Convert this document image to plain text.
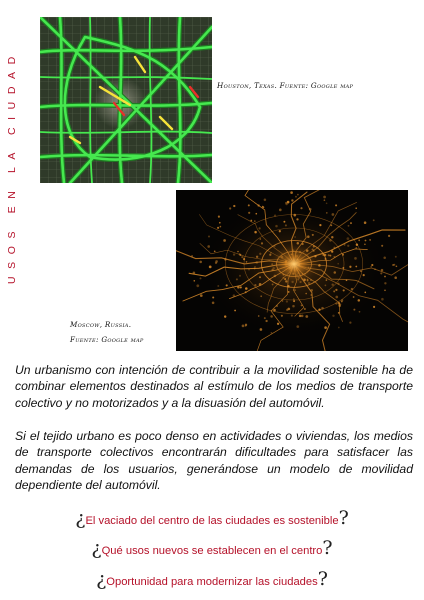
USOS EN LA CIUDAD	Houston, Texas. Fuente: Google map
Moscow, Russia.
Fuente: Google map

Un urbanismo con intención de contribuir a la movilidad sostenible ha de combinar elementos destinados al estímulo de los medios de transporte colectivo y no motorizados y a la disuasión del automóvil.

Si el tejido urbano es poco denso en actividades o viviendas, los medios de transporte colectivos encontrarán dificultades para satisfacer las demandas de los usuarios, generándose un modelo de movilidad dependiente del automóvil.

¿El vaciado del centro de las ciudades es sostenible?
¿Qué usos nuevos se establecen en el centro?
¿Oportunidad para modernizar las ciudades?
